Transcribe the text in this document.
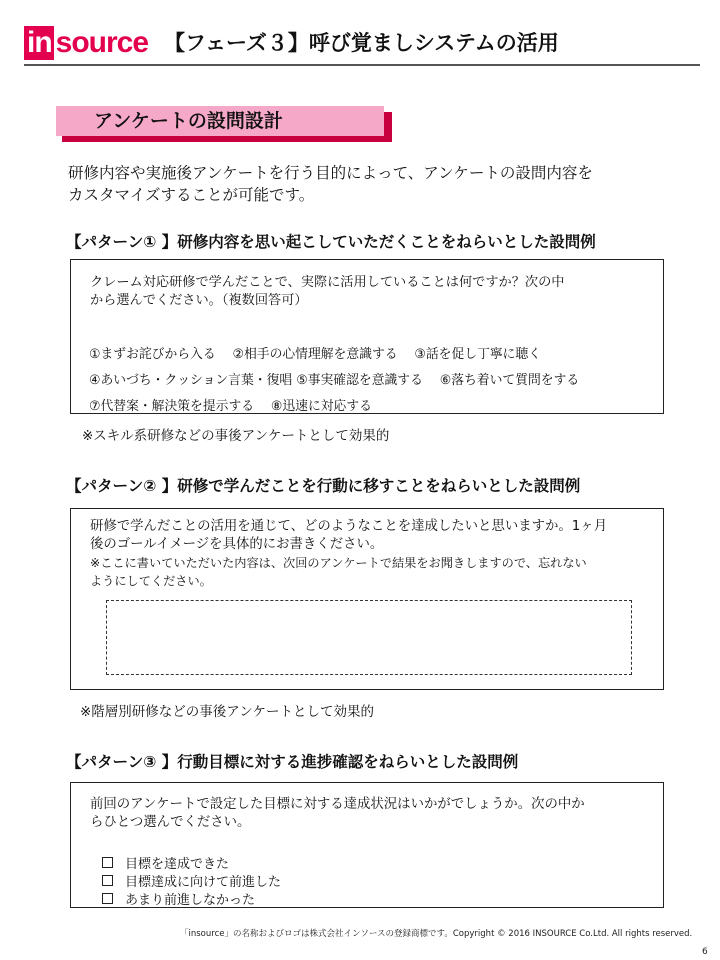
in source 【フェーズ３】呼び覚ましシステムの活用
アンケートの設問設計
研修内容や実施後アンケートを行う目的によって、アンケートの設問内容を
カスタマイズすることが可能です。
【パターン① 】研修内容を思い起こしていただくことをねらいとした設問例
クレーム対応研修で学んだことで、実際に活用していることは何ですか？次の中
から選んでください。（複数回答可）
①まずお詫びから入る　 ②相手の心情理解を意識する　 ③話を促し丁寧に聴く
④あいづち・クッション言葉・復唱 ⑤事実確認を意識する　 ⑥落ち着いて質問をする
⑦代替案・解決策を提示する　 ⑧迅速に対応する
※スキル系研修などの事後アンケートとして効果的
【パターン② 】研修で学んだことを行動に移すことをねらいとした設問例
研修で学んだことの活用を通じて、どのようなことを達成したいと思いますか。1ヶ月
後のゴールイメージを具体的にお書きください。
※ここに書いていただいた内容は、次回のアンケートで結果をお聞きしますので、忘れない
ようにしてください。
※階層別研修などの事後アンケートとして効果的
【パターン③ 】行動目標に対する進捗確認をねらいとした設問例
前回のアンケートで設定した目標に対する達成状況はいかがでしょうか。次の中か
らひとつ選んでください。
目標を達成できた
目標達成に向けて前進した
あまり前進しなかった
「insource」の名称およびロゴは株式会社インソースの登録商標です。Copyright © 2016 INSOURCE Co.Ltd. All rights reserved.
6
